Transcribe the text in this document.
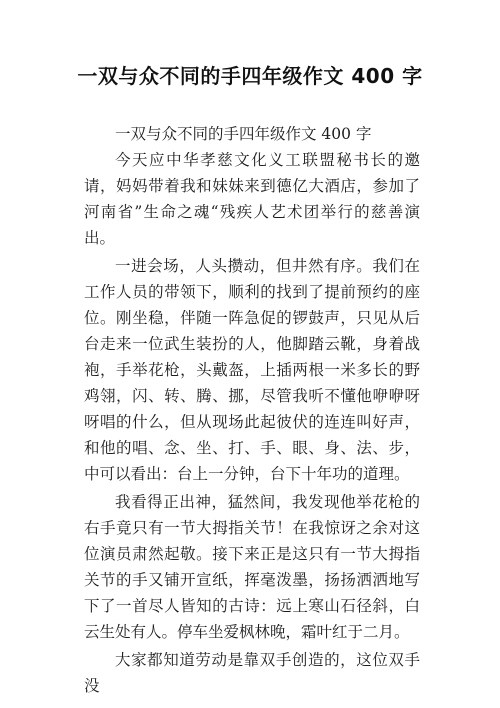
一双与众不同的手四年级作文 400 字

一双与众不同的手四年级作文 400 字

今天应中华孝慈文化义工联盟秘书长的邀请，妈妈带着我和妹妹来到德亿大酒店，参加了河南省”生命之魂“残疾人艺术团举行的慈善演出。

一进会场，人头攒动，但井然有序。我们在工作人员的带领下，顺利的找到了提前预约的座位。刚坐稳，伴随一阵急促的锣鼓声，只见从后台走来一位武生装扮的人，他脚踏云靴，身着战袍，手举花枪，头戴盔，上插两根一米多长的野鸡翎，闪、转、腾、挪，尽管我听不懂他咿咿呀呀唱的什么，但从现场此起彼伏的连连叫好声，和他的唱、念、坐、打、手、眼、身、法、步，中可以看出：台上一分钟，台下十年功的道理。

我看得正出神，猛然间，我发现他举花枪的右手竟只有一节大拇指关节！在我惊讶之余对这位演员肃然起敬。接下来正是这只有一节大拇指关节的手又铺开宣纸，挥毫泼墨，扬扬洒洒地写下了一首尽人皆知的古诗：远上寒山石径斜，白云生处有人。停车坐爱枫林晚，霜叶红于二月。

大家都知道劳动是靠双手创造的，这位双手没
